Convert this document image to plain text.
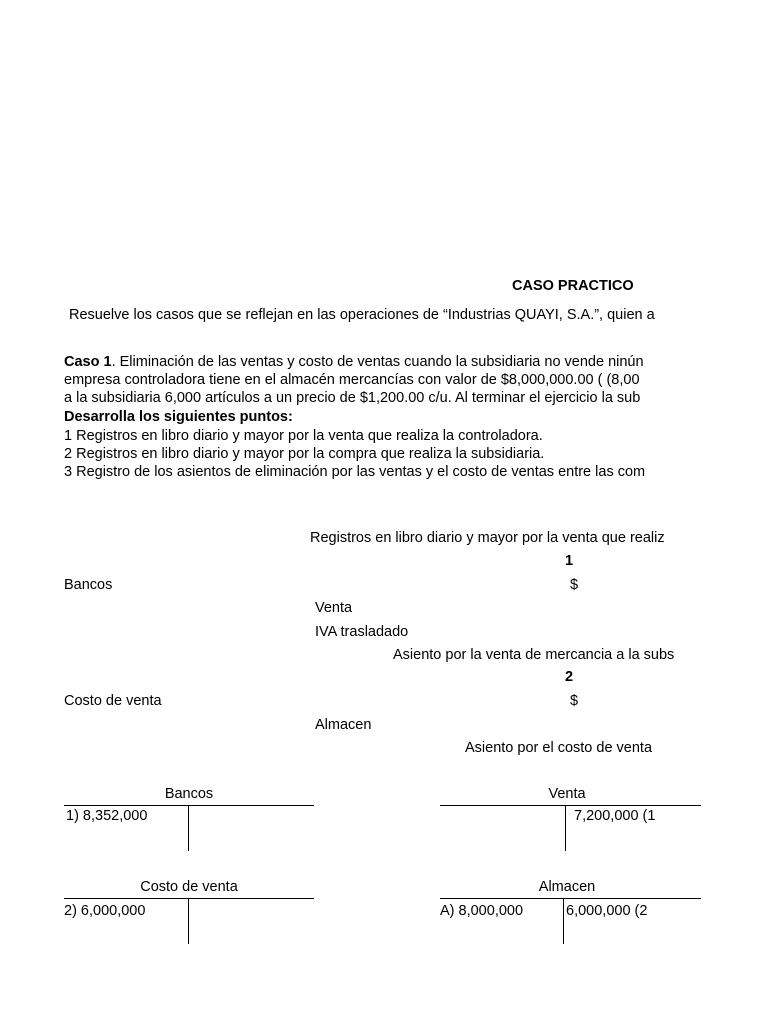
CASO PRACTICO
Resuelve los casos que se reflejan en las operaciones de “Industrias QUAYI, S.A.”, quien a
Caso 1. Eliminación de las ventas y costo de ventas cuando la subsidiaria no vende ninún
empresa controladora tiene en el almacén mercancías con valor de $8,000,000.00 ( (8,00
a la subsidiaria 6,000 artículos a un precio de $1,200.00 c/u. Al terminar el ejercicio la sub
Desarrolla los siguientes puntos:
1 Registros en libro diario y mayor por la venta que realiza la controladora.
2 Registros en libro diario y mayor por la compra que realiza la subsidiaria.
3 Registro de los asientos de eliminación por las ventas y el costo de ventas entre las com
Registros en libro diario y mayor por la venta que realiz
1
Bancos	$
Venta
IVA trasladado
Asiento por la venta de mercancia a la subs
2
Costo de venta	$
Almacen
Asiento por el costo de venta
Bancos
1) 8,352,000
Venta
7,200,000 (1
Costo de venta
2) 6,000,000
Almacen
A) 8,000,000	6,000,000 (2
